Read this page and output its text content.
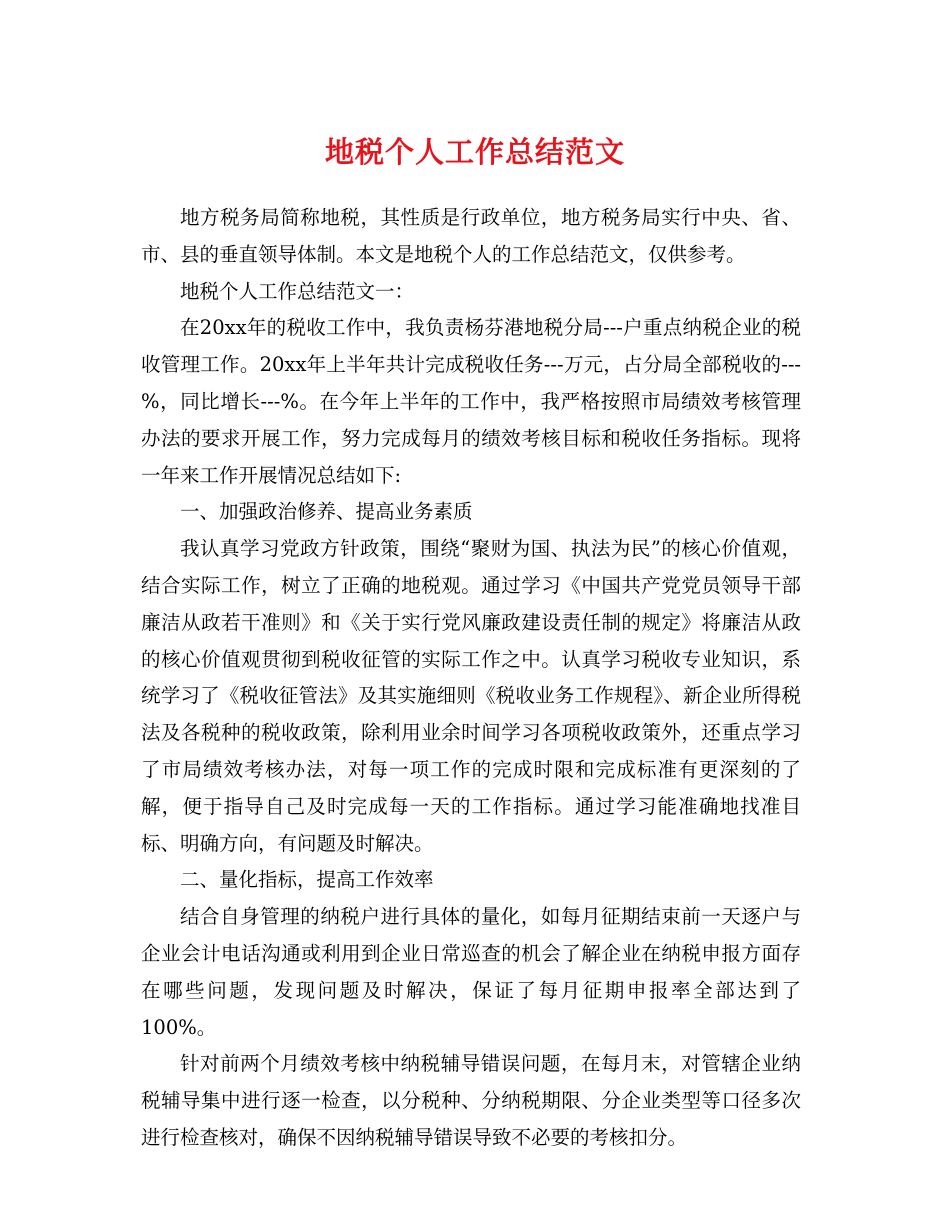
地税个人工作总结范文

地方税务局简称地税，其性质是行政单位，地方税务局实行中央、省、市、县的垂直领导体制。本文是地税个人的工作总结范文，仅供参考。

地税个人工作总结范文一：

在20xx年的税收工作中，我负责杨芬港地税分局---户重点纳税企业的税收管理工作。20xx年上半年共计完成税收任务---万元，占分局全部税收的---%，同比增长---%。在今年上半年的工作中，我严格按照市局绩效考核管理办法的要求开展工作，努力完成每月的绩效考核目标和税收任务指标。现将一年来工作开展情况总结如下:

一、加强政治修养、提高业务素质

我认真学习党政方针政策，围绕“聚财为国、执法为民”的核心价值观，结合实际工作，树立了正确的地税观。通过学习《中国共产党党员领导干部廉洁从政若干准则》和《关于实行党风廉政建设责任制的规定》将廉洁从政的核心价值观贯彻到税收征管的实际工作之中。认真学习税收专业知识，系统学习了《税收征管法》及其实施细则《税收业务工作规程》、新企业所得税法及各税种的税收政策，除利用业余时间学习各项税收政策外，还重点学习了市局绩效考核办法，对每一项工作的完成时限和完成标准有更深刻的了解，便于指导自己及时完成每一天的工作指标。通过学习能准确地找准目标、明确方向，有问题及时解决。

二、量化指标，提高工作效率

结合自身管理的纳税户进行具体的量化，如每月征期结束前一天逐户与企业会计电话沟通或利用到企业日常巡查的机会了解企业在纳税申报方面存在哪些问题，发现问题及时解决，保证了每月征期申报率全部达到了100%。

针对前两个月绩效考核中纳税辅导错误问题，在每月末，对管辖企业纳税辅导集中进行逐一检查，以分税种、分纳税期限、分企业类型等口径多次进行检查核对，确保不因纳税辅导错误导致不必要的考核扣分。
